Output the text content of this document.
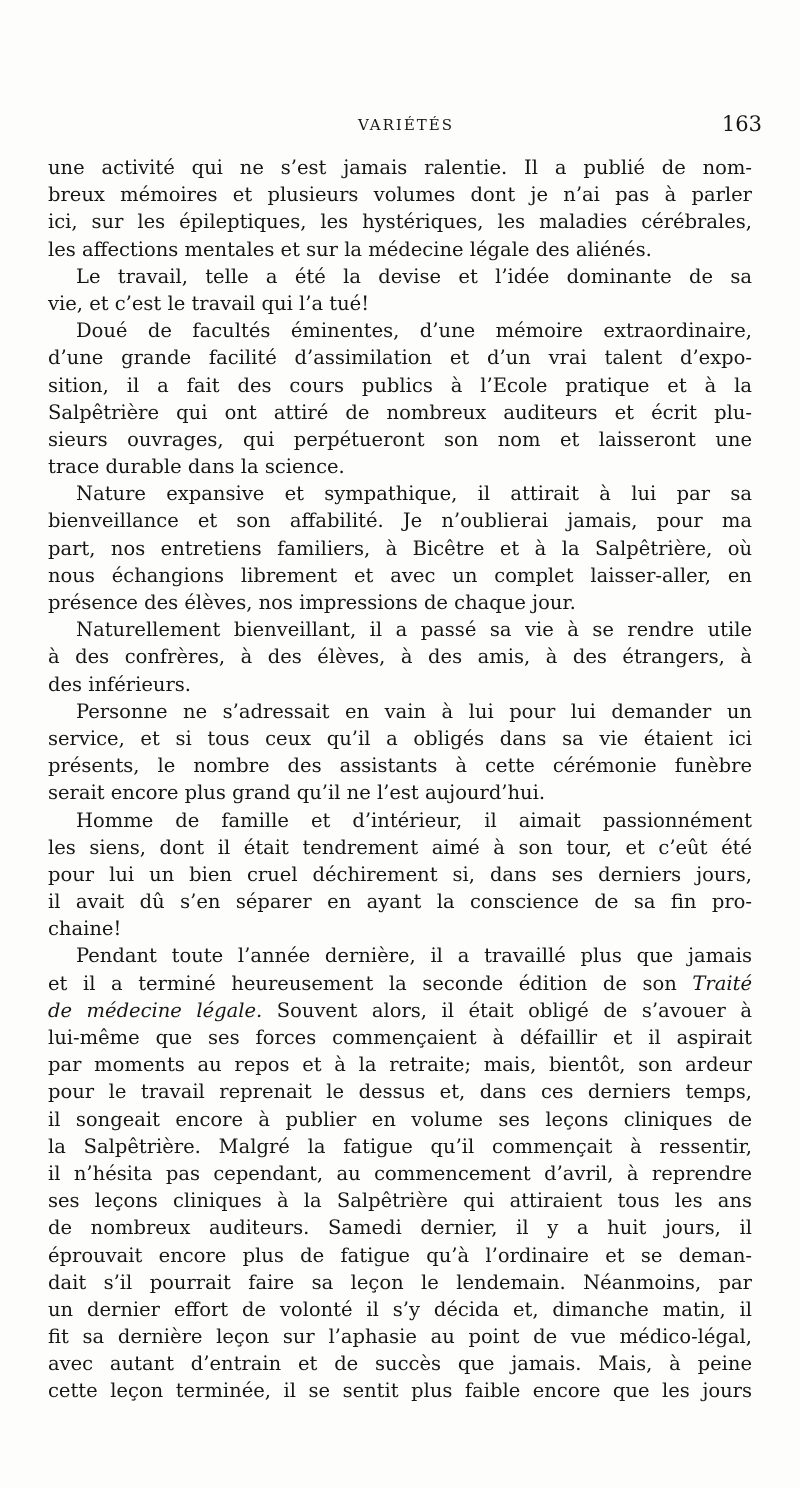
VARIÉTÉS	163
une activité qui ne s’est jamais ralentie. Il a publié de nom-
breux mémoires et plusieurs volumes dont je n’ai pas à parler
ici, sur les épileptiques, les hystériques, les maladies cérébrales,
les affections mentales et sur la médecine légale des aliénés.
Le travail, telle a été la devise et l’idée dominante de sa
vie, et c’est le travail qui l’a tué!
Doué de facultés éminentes, d’une mémoire extraordinaire,
d’une grande facilité d’assimilation et d’un vrai talent d’expo-
sition, il a fait des cours publics à l’Ecole pratique et à la
Salpêtrière qui ont attiré de nombreux auditeurs et écrit plu-
sieurs ouvrages, qui perpétueront son nom et laisseront une
trace durable dans la science.
Nature expansive et sympathique, il attirait à lui par sa
bienveillance et son affabilité. Je n’oublierai jamais, pour ma
part, nos entretiens familiers, à Bicêtre et à la Salpêtrière, où
nous échangions librement et avec un complet laisser-aller, en
présence des élèves, nos impressions de chaque jour.
Naturellement bienveillant, il a passé sa vie à se rendre utile
à des confrères, à des élèves, à des amis, à des étrangers, à
des inférieurs.
Personne ne s’adressait en vain à lui pour lui demander un
service, et si tous ceux qu’il a obligés dans sa vie étaient ici
présents, le nombre des assistants à cette cérémonie funèbre
serait encore plus grand qu’il ne l’est aujourd’hui.
Homme de famille et d’intérieur, il aimait passionnément
les siens, dont il était tendrement aimé à son tour, et c’eût été
pour lui un bien cruel déchirement si, dans ses derniers jours,
il avait dû s’en séparer en ayant la conscience de sa fin pro-
chaine!
Pendant toute l’année dernière, il a travaillé plus que jamais
et il a terminé heureusement la seconde édition de son Traité
de médecine légale. Souvent alors, il était obligé de s’avouer à
lui-même que ses forces commençaient à défaillir et il aspirait
par moments au repos et à la retraite; mais, bientôt, son ardeur
pour le travail reprenait le dessus et, dans ces derniers temps,
il songeait encore à publier en volume ses leçons cliniques de
la Salpêtrière. Malgré la fatigue qu’il commençait à ressentir,
il n’hésita pas cependant, au commencement d’avril, à reprendre
ses leçons cliniques à la Salpêtrière qui attiraient tous les ans
de nombreux auditeurs. Samedi dernier, il y a huit jours, il
éprouvait encore plus de fatigue qu’à l’ordinaire et se deman-
dait s’il pourrait faire sa leçon le lendemain. Néanmoins, par
un dernier effort de volonté il s’y décida et, dimanche matin, il
fit sa dernière leçon sur l’aphasie au point de vue médico-légal,
avec autant d’entrain et de succès que jamais. Mais, à peine
cette leçon terminée, il se sentit plus faible encore que les jours
